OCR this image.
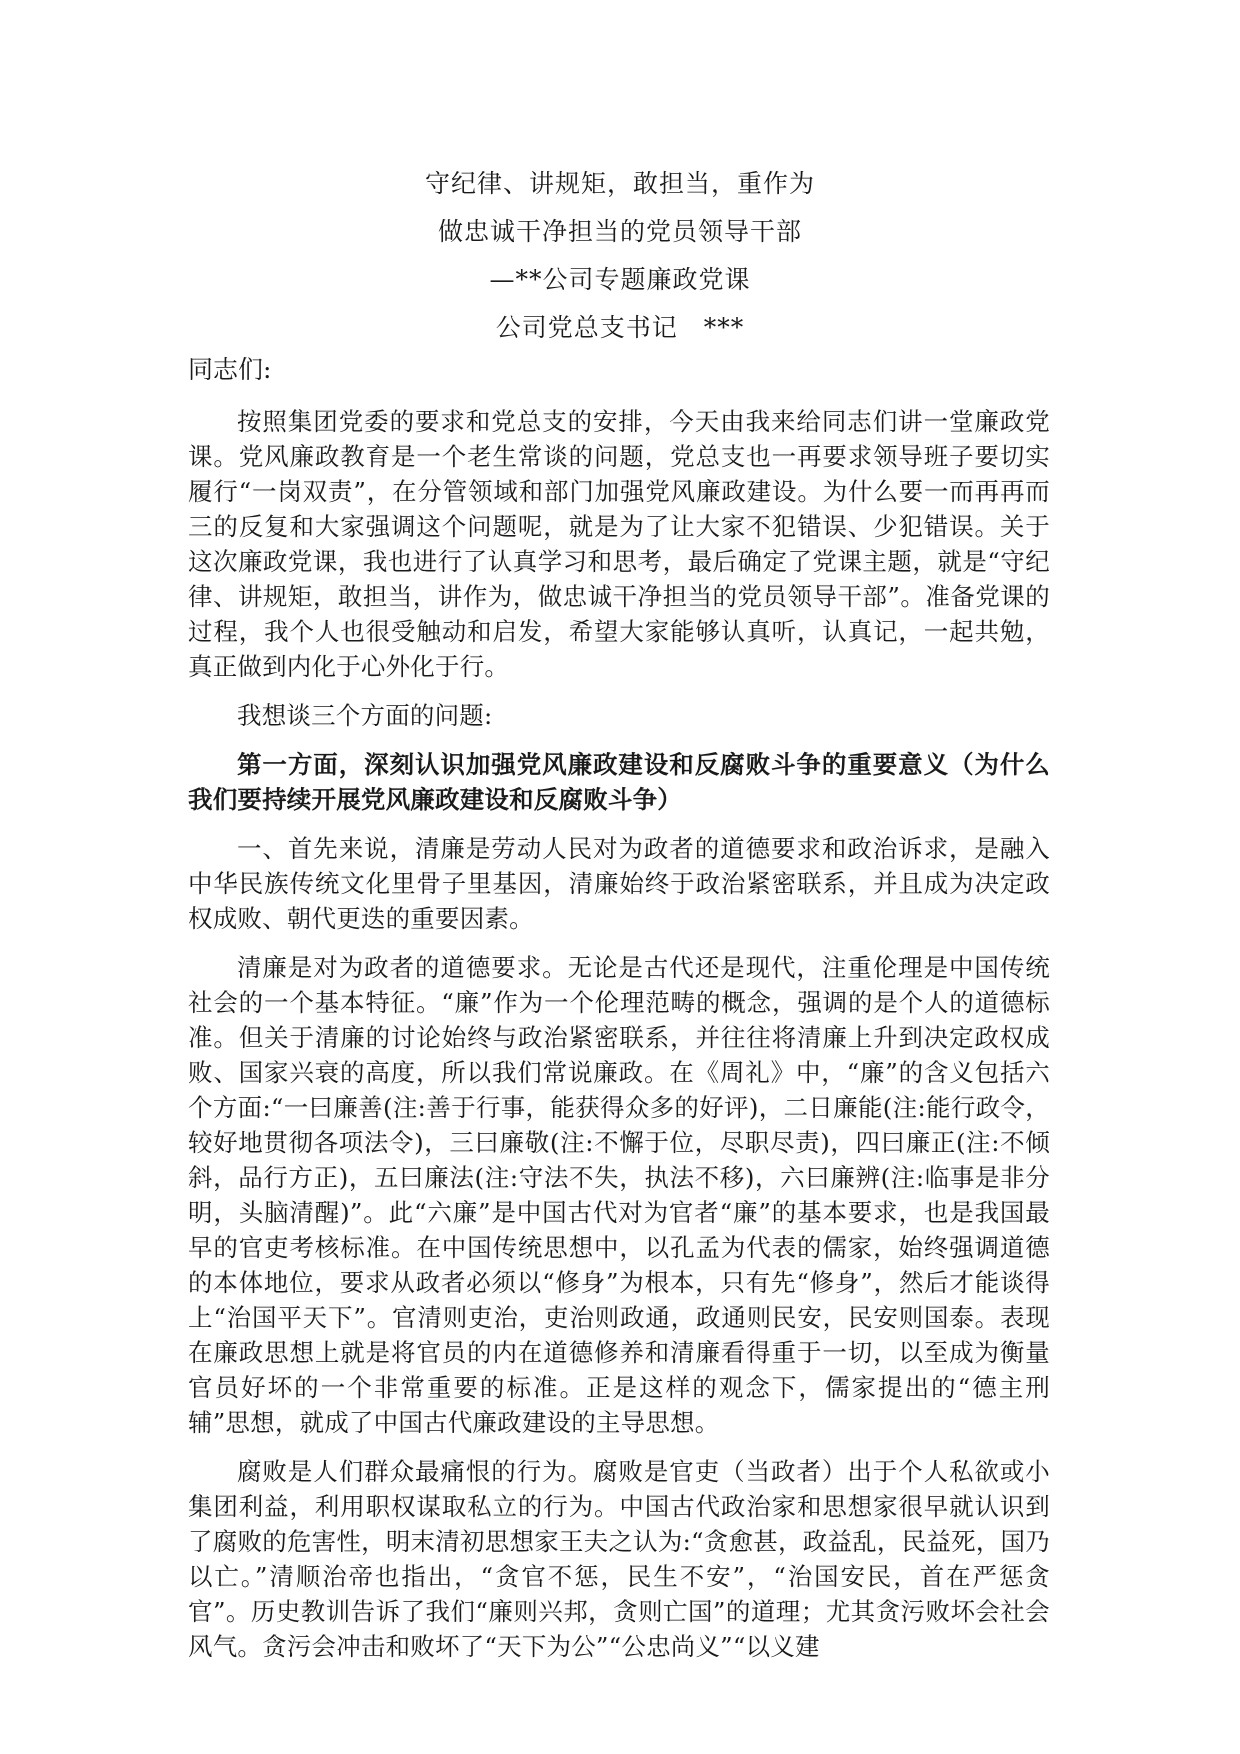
守纪律、讲规矩，敢担当，重作为
做忠诚干净担当的党员领导干部
—**公司专题廉政党课
公司党总支书记　***
同志们:

按照集团党委的要求和党总支的安排，今天由我来给同志们讲一堂廉政党课。党风廉政教育是一个老生常谈的问题，党总支也一再要求领导班子要切实履行“一岗双责”，在分管领域和部门加强党风廉政建设。为什么要一而再再而三的反复和大家强调这个问题呢，就是为了让大家不犯错误、少犯错误。关于这次廉政党课，我也进行了认真学习和思考，最后确定了党课主题，就是“守纪律、讲规矩，敢担当，讲作为，做忠诚干净担当的党员领导干部”。准备党课的过程，我个人也很受触动和启发，希望大家能够认真听，认真记，一起共勉，真正做到内化于心外化于行。

我想谈三个方面的问题:

第一方面，深刻认识加强党风廉政建设和反腐败斗争的重要意义（为什么我们要持续开展党风廉政建设和反腐败斗争）

一、首先来说，清廉是劳动人民对为政者的道德要求和政治诉求，是融入中华民族传统文化里骨子里基因，清廉始终于政治紧密联系，并且成为决定政权成败、朝代更迭的重要因素。

清廉是对为政者的道德要求。无论是古代还是现代，注重伦理是中国传统社会的一个基本特征。“廉”作为一个伦理范畴的概念，强调的是个人的道德标准。但关于清廉的讨论始终与政治紧密联系，并往往将清廉上升到决定政权成败、国家兴衰的高度，所以我们常说廉政。在《周礼》中，“廉”的含义包括六个方面:“一曰廉善(注:善于行事，能获得众多的好评)，二日廉能(注:能行政令，较好地贯彻各项法令)，三曰廉敬(注:不懈于位，尽职尽责)，四曰廉正(注:不倾斜，品行方正)，五曰廉法(注:守法不失，执法不移)，六曰廉辨(注:临事是非分明，头脑清醒)”。此“六廉”是中国古代对为官者“廉”的基本要求，也是我国最早的官吏考核标准。在中国传统思想中，以孔孟为代表的儒家，始终强调道德的本体地位，要求从政者必须以“修身”为根本，只有先“修身”，然后才能谈得上“治国平天下”。官清则吏治，吏治则政通，政通则民安，民安则国泰。表现在廉政思想上就是将官员的内在道德修养和清廉看得重于一切，以至成为衡量官员好坏的一个非常重要的标准。正是这样的观念下，儒家提出的“德主刑辅”思想，就成了中国古代廉政建设的主导思想。

腐败是人们群众最痛恨的行为。腐败是官吏（当政者）出于个人私欲或小集团利益，利用职权谋取私立的行为。中国古代政治家和思想家很早就认识到了腐败的危害性，明末清初思想家王夫之认为:“贪愈甚，政益乱，民益死，国乃以亡。”清顺治帝也指出，“贪官不惩，民生不安”，“治国安民，首在严惩贪官”。历史教训告诉了我们“廉则兴邦，贪则亡国”的道理；尤其贪污败坏会社会风气。贪污会冲击和败坏了“天下为公”“公忠尚义”“以义建
